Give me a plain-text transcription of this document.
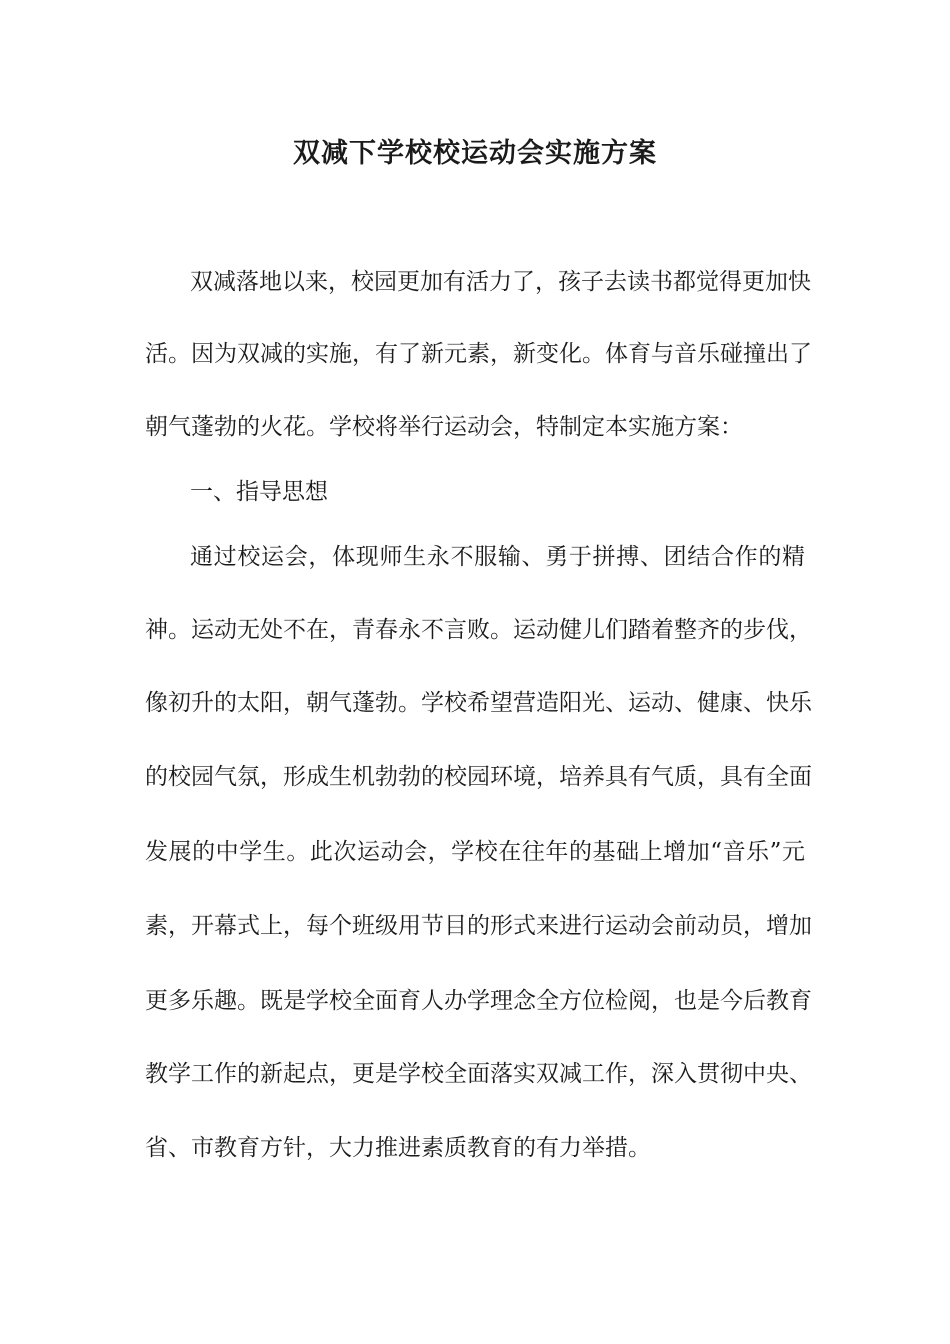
双减下学校校运动会实施方案

双减落地以来，校园更加有活力了，孩子去读书都觉得更加快

活。因为双减的实施，有了新元素，新变化。体育与音乐碰撞出了

朝气蓬勃的火花。学校将举行运动会，特制定本实施方案：

一、指导思想

通过校运会，体现师生永不服输、勇于拼搏、团结合作的精

神。运动无处不在，青春永不言败。运动健儿们踏着整齐的步伐，

像初升的太阳，朝气蓬勃。学校希望营造阳光、运动、健康、快乐

的校园气氛，形成生机勃勃的校园环境，培养具有气质，具有全面

发展的中学生。此次运动会，学校在往年的基础上增加“音乐”元

素，开幕式上，每个班级用节目的形式来进行运动会前动员，增加

更多乐趣。既是学校全面育人办学理念全方位检阅，也是今后教育

教学工作的新起点，更是学校全面落实双减工作，深入贯彻中央、

省、市教育方针，大力推进素质教育的有力举措。
